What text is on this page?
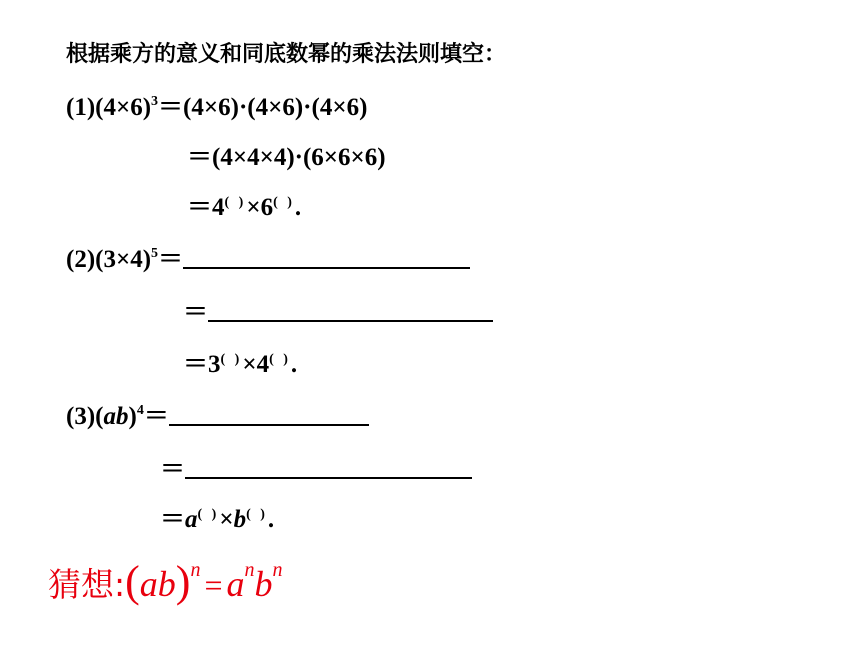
根据乘方的意义和同底数幂的乘法法则填空：
$(1)(4\times 6)^3=(4\times 6)\cdot(4\times 6)\cdot(4\times 6)$
＝(4×4×4)·(6×6×6)
＝4( )×6( ).
$(2)(3\times 4)^5=$
＝
＝3( )×4( ).
(3)(ab)$^4$＝
＝
＝a( )×b( ).
猜想:(ab)$^n$ = $a^nb^n$
